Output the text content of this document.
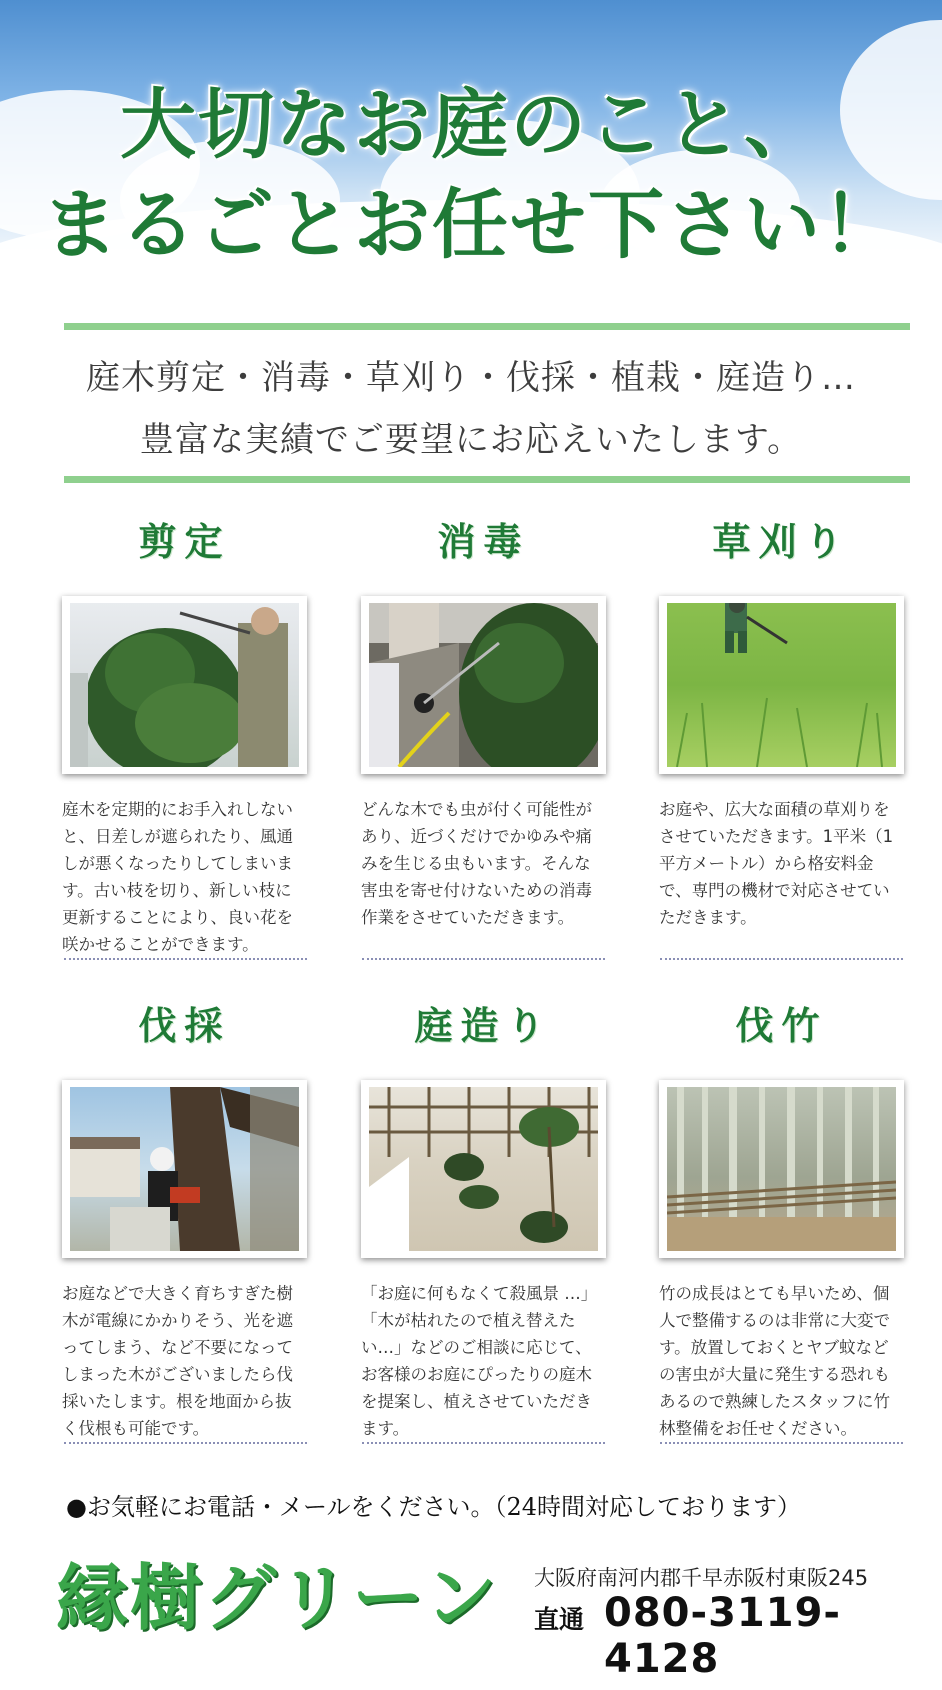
大切なお庭のこと、
まるごとお任せ下さい！
庭木剪定・消毒・草刈り・伐採・植栽・庭造り…
豊富な実績でご要望にお応えいたします。
剪定
庭木を定期的にお手入れしないと、日差しが遮られたり、風通しが悪くなったりしてしまいます。古い枝を切り、新しい枝に更新することにより、良い花を咲かせることができます。
消毒
どんな木でも虫が付く可能性があり、近づくだけでかゆみや痛みを生じる虫もいます。そんな害虫を寄せ付けないための消毒作業をさせていただきます。
草刈り
お庭や、広大な面積の草刈りをさせていただきます。1平米（1平方メートル）から格安料金で、専門の機材で対応させていただきます。
伐採
お庭などで大きく育ちすぎた樹木が電線にかかりそう、光を遮ってしまう、など不要になってしまった木がございましたら伐採いたします。根を地面から抜く伐根も可能です。
庭造り
「お庭に何もなくて殺風景 …」「木が枯れたので植え替えたい…」などのご相談に応じて、お客様のお庭にぴったりの庭木を提案し、植えさせていただきます。
伐竹
竹の成長はとても早いため、個人で整備するのは非常に大変です。放置しておくとヤブ蚊などの害虫が大量に発生する恐れもあるので熟練したスタッフに竹林整備をお任せください。
●お気軽にお電話・メールをください。（24時間対応しております）
縁樹グリーン 大阪府南河内郡千早赤阪村東阪245
直通 080-3119-4128
